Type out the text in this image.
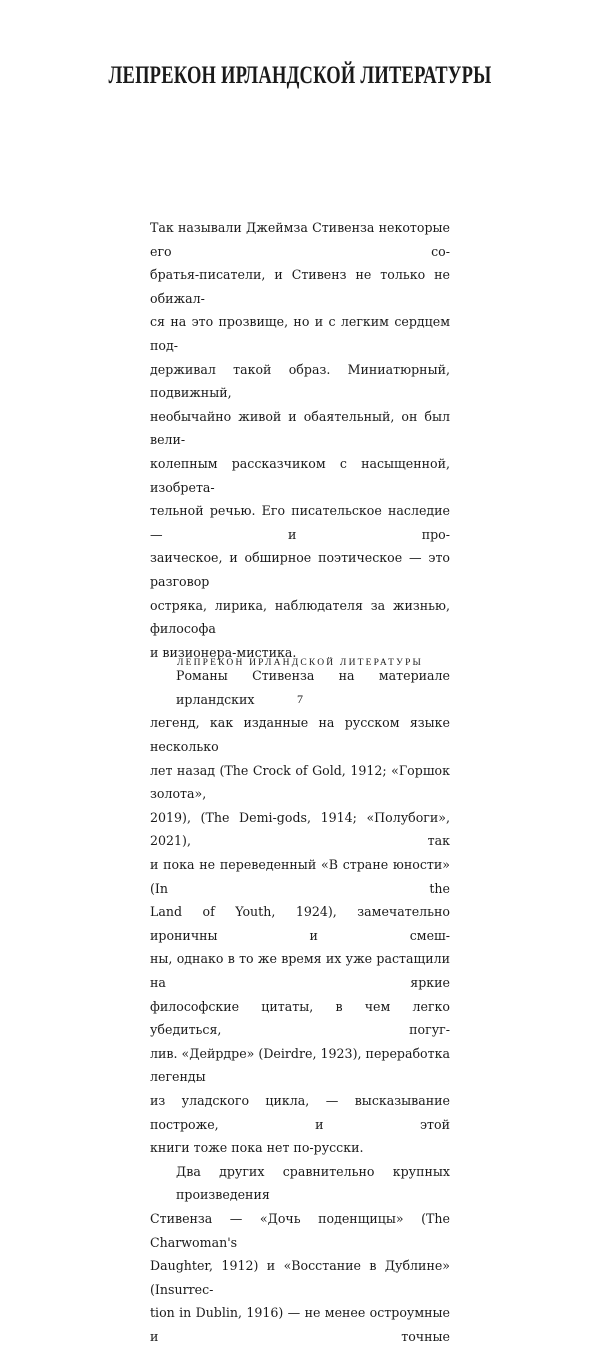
ЛЕПРЕКОН ИРЛАНДСКОЙ ЛИТЕРАТУРЫ
Так называли Джеймза Стивенза некоторые его со-
братья-писатели, и Стивенз не только не обижал-
ся на это прозвище, но и с легким сердцем под-
держивал такой образ. Миниатюрный, подвижный,
необычайно живой и обаятельный, он был вели-
колепным рассказчиком с насыщенной, изобрета-
тельной речью. Его писательское наследие — и про-
заическое, и обширное поэтическое — это разговор
остряка, лирика, наблюдателя за жизнью, философа
и визионера-мистика.
Романы Стивенза на материале ирландских
легенд, как изданные на русском языке несколько
лет назад (The Crock of Gold, 1912; «Горшок золота»,
2019), (The Demi-gods, 1914; «Полубоги», 2021), так
и пока не переведенный «В стране юности» (In the
Land of Youth, 1924), замечательно ироничны и смеш-
ны, однако в то же время их уже растащили на яркие
философские цитаты, в чем легко убедиться, погуг-
лив. «Дейрдре» (Deirdre, 1923), переработка легенды
из уладского цикла, — высказывание построже, и этой
книги тоже пока нет по-русски.
Два других сравнительно крупных произведения
Стивенза — «Дочь поденщицы» (The Charwoman's
Daughter, 1912) и «Восстание в Дублине» (Insurrec-
tion in Dublin, 1916) — не менее остроумные и точные
ЛЕПРЕКОН ИРЛАНДСКОЙ ЛИТЕРАТУРЫ
7
